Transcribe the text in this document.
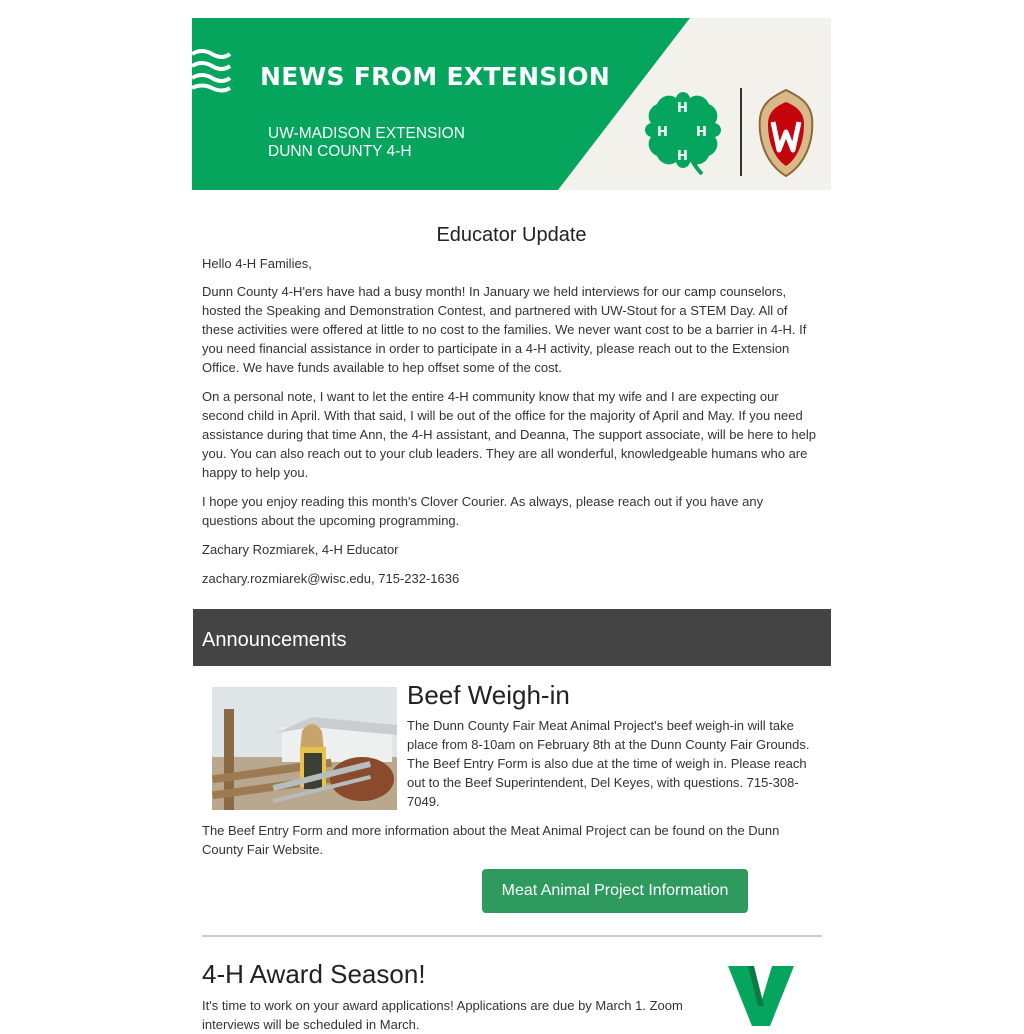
NEWS FROM EXTENSION
UW-MADISON EXTENSION
DUNN COUNTY 4-H
H
H
H
H
Educator Update
Hello 4-H Families,
Dunn County 4-H'ers have had a busy month! In January we held interviews for our camp counselors, hosted the Speaking and Demonstration Contest, and partnered with UW-Stout for a STEM Day. All of these activities were offered at little to no cost to the families. We never want cost to be a barrier in 4-H. If you need financial assistance in order to participate in a 4-H activity, please reach out to the Extension Office. We have funds available to hep offset some of the cost.
On a personal note, I want to let the entire 4-H community know that my wife and I are expecting our second child in April. With that said, I will be out of the office for the majority of April and May. If you need assistance during that time Ann, the 4-H assistant, and Deanna, The support associate, will be here to help you. You can also reach out to your club leaders. They are all wonderful, knowledgeable humans who are happy to help you.
I hope you enjoy reading this month's Clover Courier. As always, please reach out if you have any questions about the upcoming programming.
Zachary Rozmiarek, 4-H Educator
zachary.rozmiarek@wisc.edu, 715-232-1636
Announcements
Beef Weigh-in
The Dunn County Fair Meat Animal Project's beef weigh-in will take place from 8-10am on February 8th at the Dunn County Fair Grounds. The Beef Entry Form is also due at the time of weigh in. Please reach out to the Beef Superintendent, Del Keyes, with questions. 715-308-7049.
The Beef Entry Form and more information about the Meat Animal Project can be found on the Dunn County Fair Website.
Meat Animal Project Information
4-H Award Season!
It's time to work on your award applications! Applications are due by March 1. Zoom interviews will be scheduled in March.
